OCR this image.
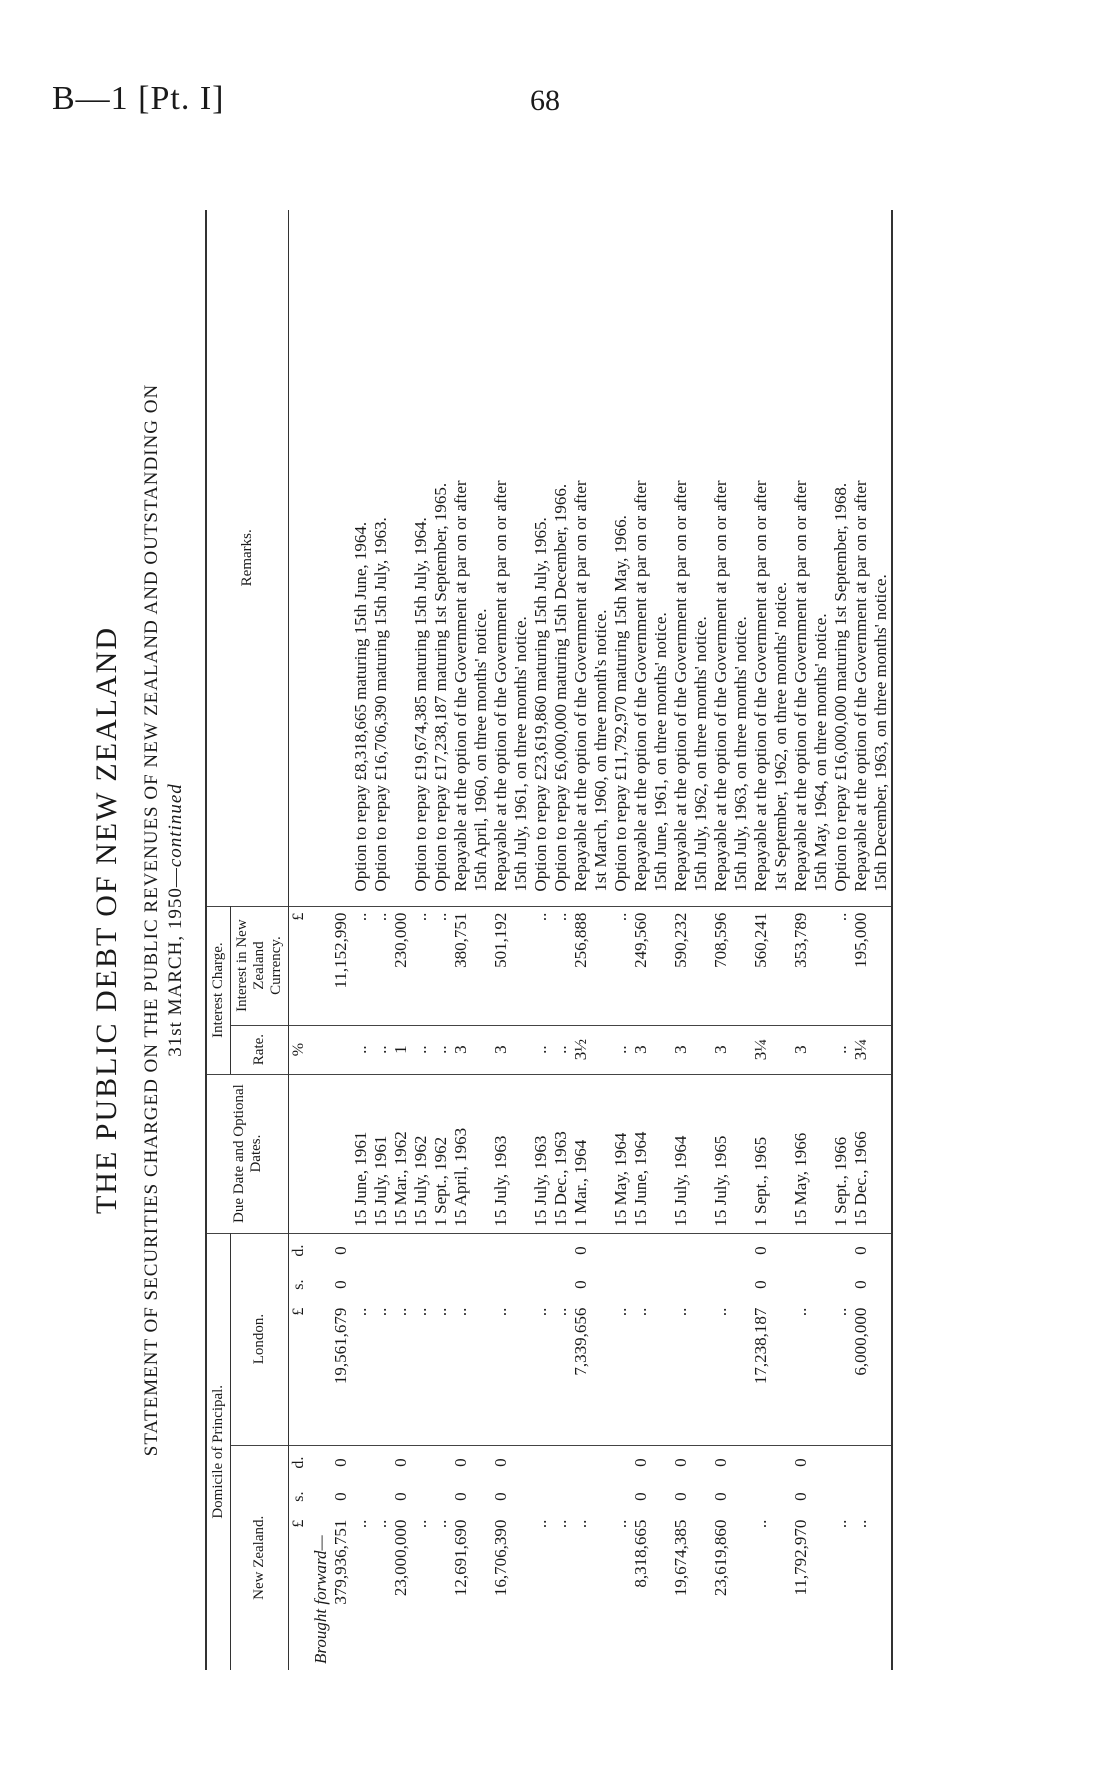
B—1 [Pt. I]	68
THE PUBLIC DEBT OF NEW ZEALAND STATEMENT OF SECURITIES CHARGED ON THE PUBLIC REVENUES OF NEW ZEALAND AND OUTSTANDING ON 31st MARCH, 1950—continued
Domicile of Principal.						Due Date and Optional Dates.	Interest Charge.		Remarks.
New Zealand.			London.				Rate.	Interest in New Zealand Currency.	
£	s.	d.	£	s.	d.		%	£	
Brought forward—									
379,936,751	0	0	19,561,679	0	0			11,152,990	
..			..			15 June, 1961	..	..	Option to repay £8,318,665 maturing 15th June, 1964.
..			..			15 July, 1961	..	..	Option to repay £16,706,390 maturing 15th July, 1963.
23,000,000	0	0	..			15 Mar., 1962	1	230,000	
..			..			15 July, 1962	..	..	Option to repay £19,674,385 maturing 15th July, 1964.
..			..			1 Sept., 1962	..	..	Option to repay £17,238,187 maturing 1st September, 1965.
12,691,690	0	0	..			15 April, 1963	3	380,751	Repayable at the option of the Government at par on or after
									15th April, 1960, on three months' notice.
16,706,390	0	0	..			15 July, 1963	3	501,192	Repayable at the option of the Government at par on or after
									15th July, 1961, on three months' notice.
..			..			15 July, 1963	..	..	Option to repay £23,619,860 maturing 15th July, 1965.
..			..			15 Dec., 1963	..	..	Option to repay £6,000,000 maturing 15th December, 1966.
..			7,339,656	0	0	1 Mar., 1964	3½	256,888	Repayable at the option of the Government at par on or after
									1st March, 1960, on three month's notice.
..			..			15 May, 1964	..	..	Option to repay £11,792,970 maturing 15th May, 1966.
8,318,665	0	0	..			15 June, 1964	3	249,560	Repayable at the option of the Government at par on or after
									15th June, 1961, on three months' notice.
19,674,385	0	0	..			15 July, 1964	3	590,232	Repayable at the option of the Government at par on or after
									15th July, 1962, on three months' notice.
23,619,860	0	0	..			15 July, 1965	3	708,596	Repayable at the option of the Government at par on or after
									15th July, 1963, on three months' notice.
..			17,238,187	0	0	1 Sept., 1965	3¼	560,241	Repayable at the option of the Government at par on or after
									1st September, 1962, on three months' notice.
11,792,970	0	0	..			15 May, 1966	3	353,789	Repayable at the option of the Government at par on or after
									15th May, 1964, on three months' notice.
..			..			1 Sept., 1966	..	..	Option to repay £16,000,000 maturing 1st September, 1968.
..			6,000,000	0	0	15 Dec., 1966	3¼	195,000	Repayable at the option of the Government at par on or after
									15th December, 1963, on three months' notice.
